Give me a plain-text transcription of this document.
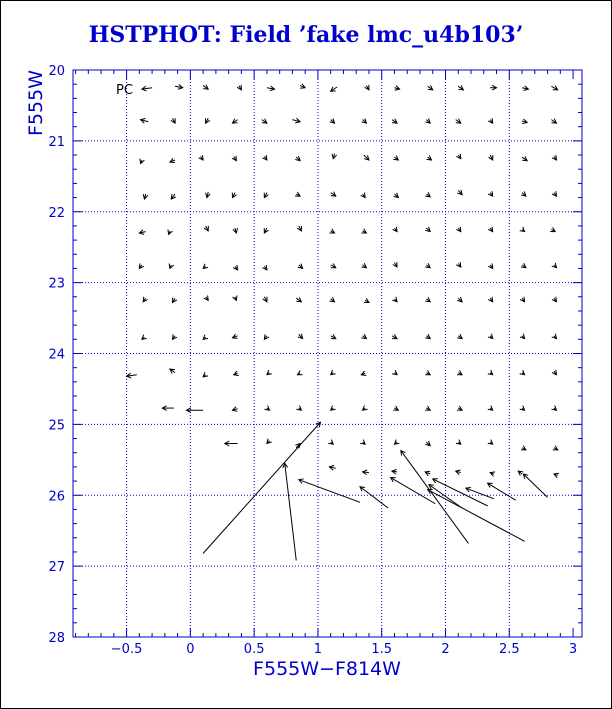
HSTPHOT: Field ’fake lmc_u4b103’
−0.5	0	0.5	1	1.5	2	2.5	3
20
21
22
23
24
25
26
27
28
PC
F555W−F814W
F555W
